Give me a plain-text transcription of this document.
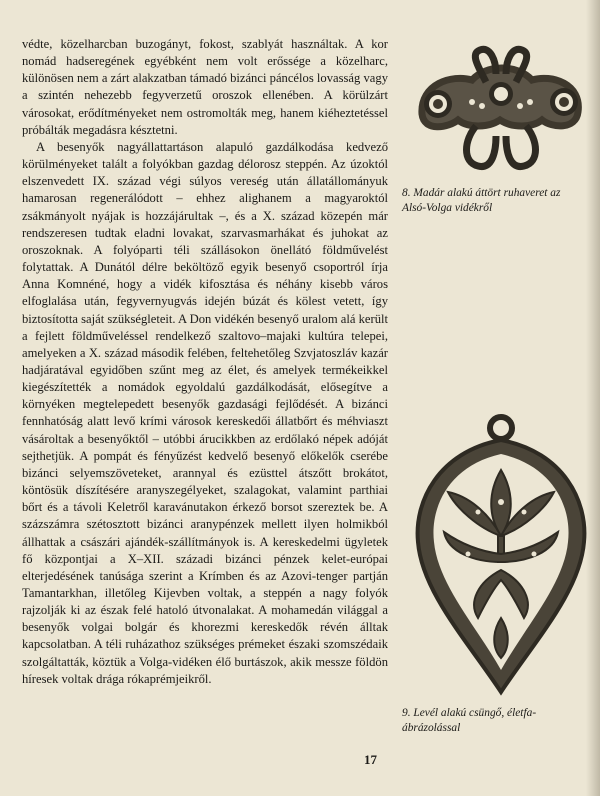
védte, közelharcban buzogányt, fokost, szablyát használtak. A kor nomád hadseregének egyébként nem volt erőssége a közelharc, különösen nem a zárt alakzatban támadó bizánci páncélos lovasság vagy a szintén nehezebb fegyverzetű oroszok ellenében. A körülzárt városokat, erődítményeket nem ostromolták meg, hanem kiéheztetéssel próbálták megadásra késztetni.

A besenyők nagyállattartáson alapuló gazdálkodása kedvező körülményeket talált a folyókban gazdag délorosz steppén. Az úzoktól elszenvedett IX. század végi súlyos vereség után állatállományuk hamarosan regenerálódott – ehhez alighanem a magyaroktól zsákmányolt nyájak is hozzájárultak –, és a X. század közepén már rendszeresen tudtak eladni lovakat, szarvasmarhákat és juhokat az oroszoknak. A folyóparti téli szállásokon önellátó földművelést folytattak. A Dunától délre beköltöző egyik besenyő csoportról írja Anna Komnéné, hogy a vidék kifosztása és néhány kisebb város elfoglalása után, fegyvernyugvás idején búzát és kölest vetett, így biztosította saját szükségleteit. A Don vidékén besenyő uralom alá került a fejlett földműveléssel rendelkező szaltovo–majaki kultúra telepei, amelyeken a X. század második felében, feltehetőleg Szvjatoszláv kazár hadjáratával egyidőben szűnt meg az élet, és amelyek termékeikkel kiegészítették a nomádok egyoldalú gazdálkodását, elősegítve a környéken megtelepedett besenyők gazdasági fejlődését. A bizánci fennhatóság alatt levő krími városok kereskedői állatbőrt és méhviaszt vásároltak a besenyőktől – utóbbi árucikkben az erdőlakó népek adóját sejthetjük. A pompát és fényűzést kedvelő besenyő előkelők cserébe bizánci selyemszöveteket, arannyal és ezüsttel átszőtt brokátot, köntösük díszítésére aranyszegélyeket, szalagokat, valamint parthiai bőrt és a távoli Keletről karavánutakon érkező borsot szereztek be. A százszámra szétosztott bizánci aranypénzek mellett ilyen holmikból állhattak a császári ajándék-szállítmányok is. A kereskedelmi ügyletek fő központjai a X–XII. századi bizánci pénzek kelet-európai elterjedésének tanúsága szerint a Krímben és az Azovi-tenger partján Tamantarkhan, illetőleg Kijevben voltak, a steppén a nagy folyók rajzolják ki az észak felé hatoló útvonalakat. A mohamedán világgal a besenyők volgai bolgár és khorezmi kereskedők révén álltak kapcsolatban. A téli ruházathoz szükséges prémeket északi szomszédaik szolgáltatták, köztük a Volga-vidéken élő burtászok, akik messze földön híresek voltak drága rókaprémjeikről.

8. Madár alakú áttört ruhaveret az Alsó-Volga vidékről
9. Levél alakú csüngő, életfa-ábrázolással
17
